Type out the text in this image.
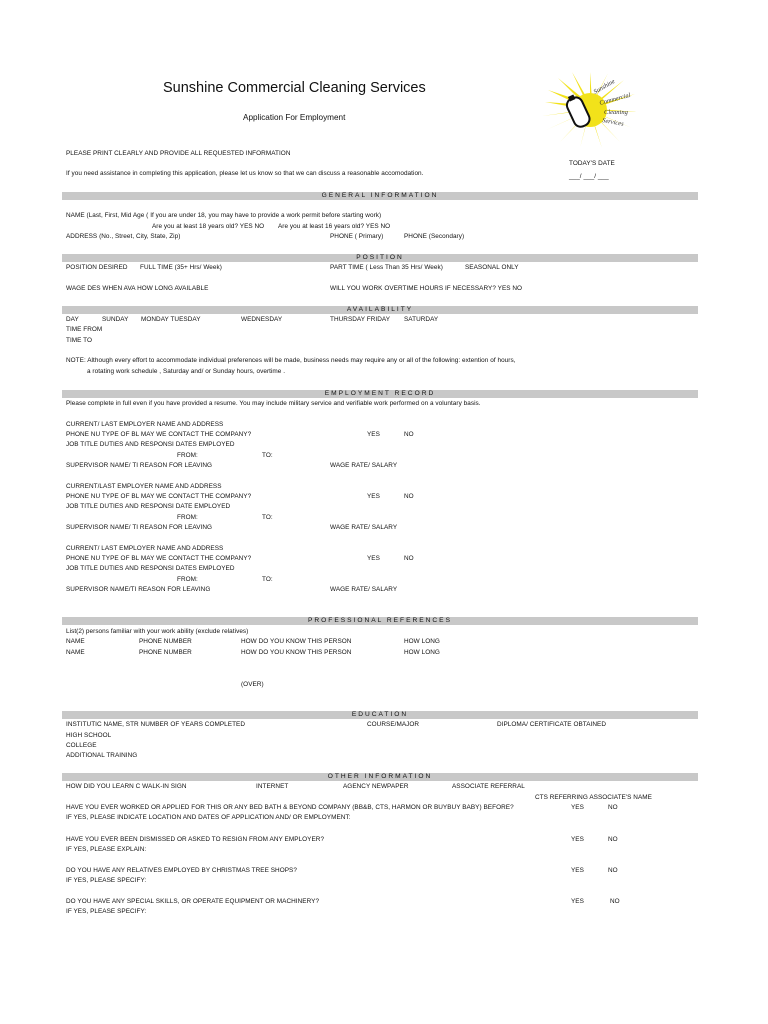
Sunshine Commercial Cleaning Services
Application For Employment
Sunshine
Commercial
Cleaning
Services
PLEASE PRINT CLEARLY AND PROVIDE ALL REQUESTED INFORMATION
TODAY'S DATE
If you need assistance in completing this application, please let us know so that we can discuss a reasonable accomodation.	___/ ___/ ___
GENERAL INFORMATION
NAME (Last, First, Mid Age ( If you are under 18, you may have to provide a work permit before starting work)
Are you at least 18 years old? YES NO Are you at least 16 years old? YES NO
ADDRESS (No., Street, City, State, Zip)	PHONE ( Primary)	PHONE (Secondary)
POSITION
POSITION DESIRED FULL TIME (35+ Hrs/ Week)	PART TIME ( Less Than 35 Hrs/ Week)	SEASONAL ONLY
WAGE DES WHEN AVA HOW LONG AVAILABLE	WILL YOU WORK OVERTIME HOURS IF NECESSARY? YES NO
AVAILABILITY
DAY	SUNDAY MONDAY TUESDAY	WEDNESDAY	THURSDAY FRIDAY SATURDAY
TIME FROM
TIME TO
NOTE: Although every effort to accommodate individual preferences will be made, business needs may require any or all of the following: extention of hours,
a rotating work schedule , Saturday and/ or Sunday hours, overtime .
EMPLOYMENT RECORD
Please complete in full even if you have provided a resume. You may include military service and verifiable work performed on a voluntary basis.
CURRENT/ LAST EMPLOYER NAME AND ADDRESS
PHONE NU TYPE OF BL MAY WE CONTACT THE COMPANY?	YES	NO
JOB TITLE DUTIES AND RESPONSI DATES EMPLOYED
FROM:	TO:
SUPERVISOR NAME/ TI REASON FOR LEAVING	WAGE RATE/ SALARY
CURRENT/LAST EMPLOYER NAME AND ADDRESS
PHONE NU TYPE OF BL MAY WE CONTACT THE COMPANY?	YES	NO
JOB TITLE DUTIES AND RESPONSI DATE EMPLOYED
FROM:	TO:
SUPERVISOR NAME/ TI REASON FOR LEAVING	WAGE RATE/ SALARY
CURRENT/ LAST EMPLOYER NAME AND ADDRESS
PHONE NU TYPE OF BL MAY WE CONTACT THE COMPANY?	YES	NO
JOB TITLE DUTIES AND RESPONSI DATES EMPLOYED
FROM:	TO:
SUPERVISOR NAME/TI REASON FOR LEAVING	WAGE RATE/ SALARY
PROFESSIONAL REFERENCES
List(2) persons familiar with your work ability (exclude relatives)
NAME	PHONE NUMBER	HOW DO YOU KNOW THIS PERSON	HOW LONG
NAME	PHONE NUMBER	HOW DO YOU KNOW THIS PERSON	HOW LONG
(OVER)
EDUCATION
INSTITUTIC NAME, STR NUMBER OF YEARS COMPLETED	COURSE/MAJOR	DIPLOMA/ CERTIFICATE OBTAINED
HIGH SCHOOL
COLLEGE
ADDITIONAL TRAINING
OTHER INFORMATION
HOW DID YOU LEARN C WALK-IN SIGN	INTERNET	AGENCY NEWPAPER	ASSOCIATE REFERRAL
CTS REFERRING ASSOCIATE'S NAME
HAVE YOU EVER WORKED OR APPLIED FOR THIS OR ANY BED BATH & BEYOND COMPANY (BB&B, CTS, HARMON OR BUYBUY BABY) BEFORE?	YES	NO
IF YES, PLEASE INDICATE LOCATION AND DATES OF APPLICATION AND/ OR EMPLOYMENT:
HAVE YOU EVER BEEN DISMISSED OR ASKED TO RESIGN FROM ANY EMPLOYER?	YES	NO
IF YES, PLEASE EXPLAIN:
DO YOU HAVE ANY RELATIVES EMPLOYED BY CHRISTMAS TREE SHOPS?	YES	NO
IF YES, PLEASE SPECIFY:
DO YOU HAVE ANY SPECIAL SKILLS, OR OPERATE EQUIPMENT OR MACHINERY?	YES	NO
IF YES, PLEASE SPECIFY:
